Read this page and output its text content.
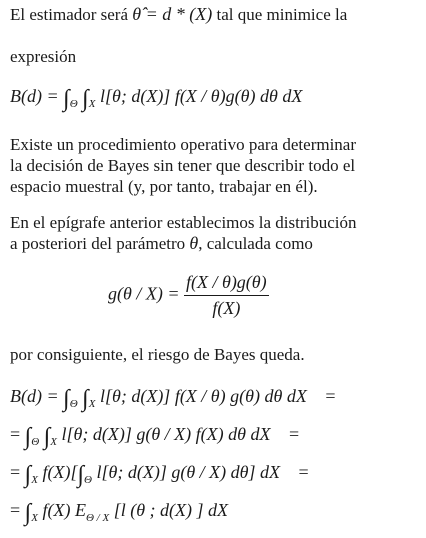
El estimador será θ̂ = d * (X) tal que minimice la
expresión
$B(d) = \int_\Theta$ $\int_X$ l[θ; d(X)] f(X / θ)g(θ) dθ dX
Existe un procedimiento operativo para determinar
la decisión de Bayes sin tener que describir todo el
espacio muestral (y, por tanto, trabajar en él).
En el epígrafe anterior establecimos la distribución
a posteriori del parámetro θ, calculada como
$g(\theta / X) = \frac{f(X / \theta)g(\theta)}{f(X)}$
por consiguiente, el riesgo de Bayes queda.
$B(d) = \int_\Theta$ $\int_X$ l[θ; d(X)] f(X / θ) g(θ) dθ dX =
= $\int_\Theta$ $\int_X$ l[θ; d(X)] g(θ / X) f(X) dθ dX =
= $\int_X$ $f(X)[\int_\Theta$ l[θ; d(X)] g(θ / X) dθ] dX =
= $\int_X$ f(X) $E_{\Theta / X}$ [l (θ ; d(X) ] dX
